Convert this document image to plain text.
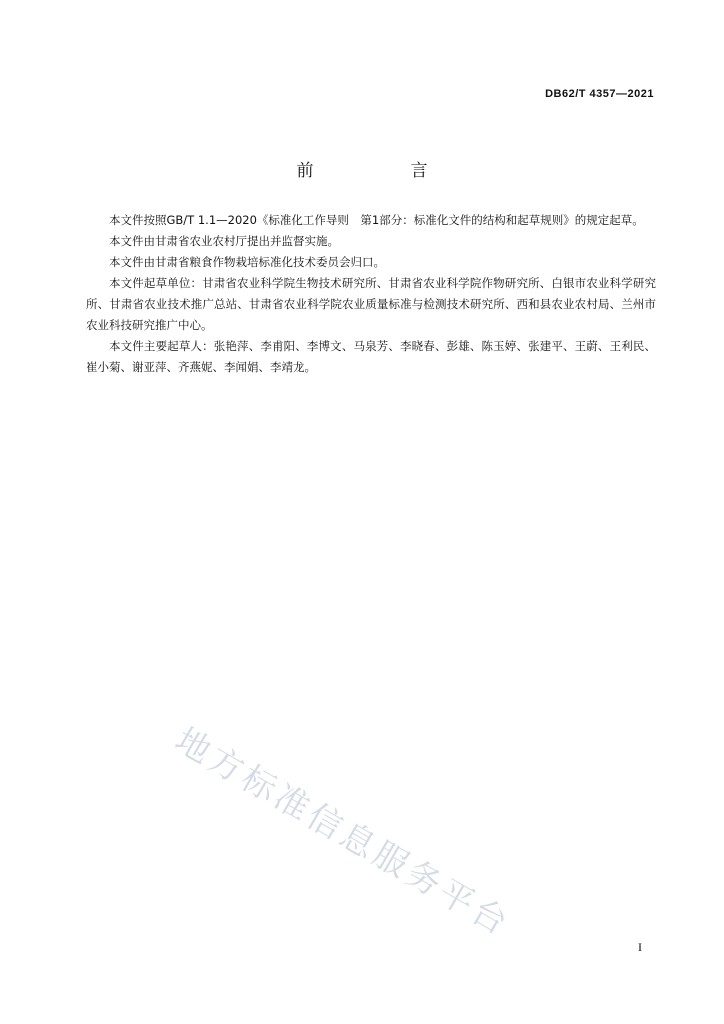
DB62/T 4357—2021
前　言

本文件按照GB/T 1.1—2020《标准化工作导则　第1部分：标准化文件的结构和起草规则》的规定起草。

本文件由甘肃省农业农村厅提出并监督实施。

本文件由甘肃省粮食作物栽培标准化技术委员会归口。

本文件起草单位：甘肃省农业科学院生物技术研究所、甘肃省农业科学院作物研究所、白银市农业科学研究所、甘肃省农业技术推广总站、甘肃省农业科学院农业质量标准与检测技术研究所、西和县农业农村局、兰州市农业科技研究推广中心。

本文件主要起草人：张艳萍、李甫阳、李博文、马泉芳、李晓春、彭雄、陈玉婷、张建平、王蔚、王利民、崔小菊、谢亚萍、齐燕妮、李闻娟、李靖龙。

地方标准信息服务平台
I
